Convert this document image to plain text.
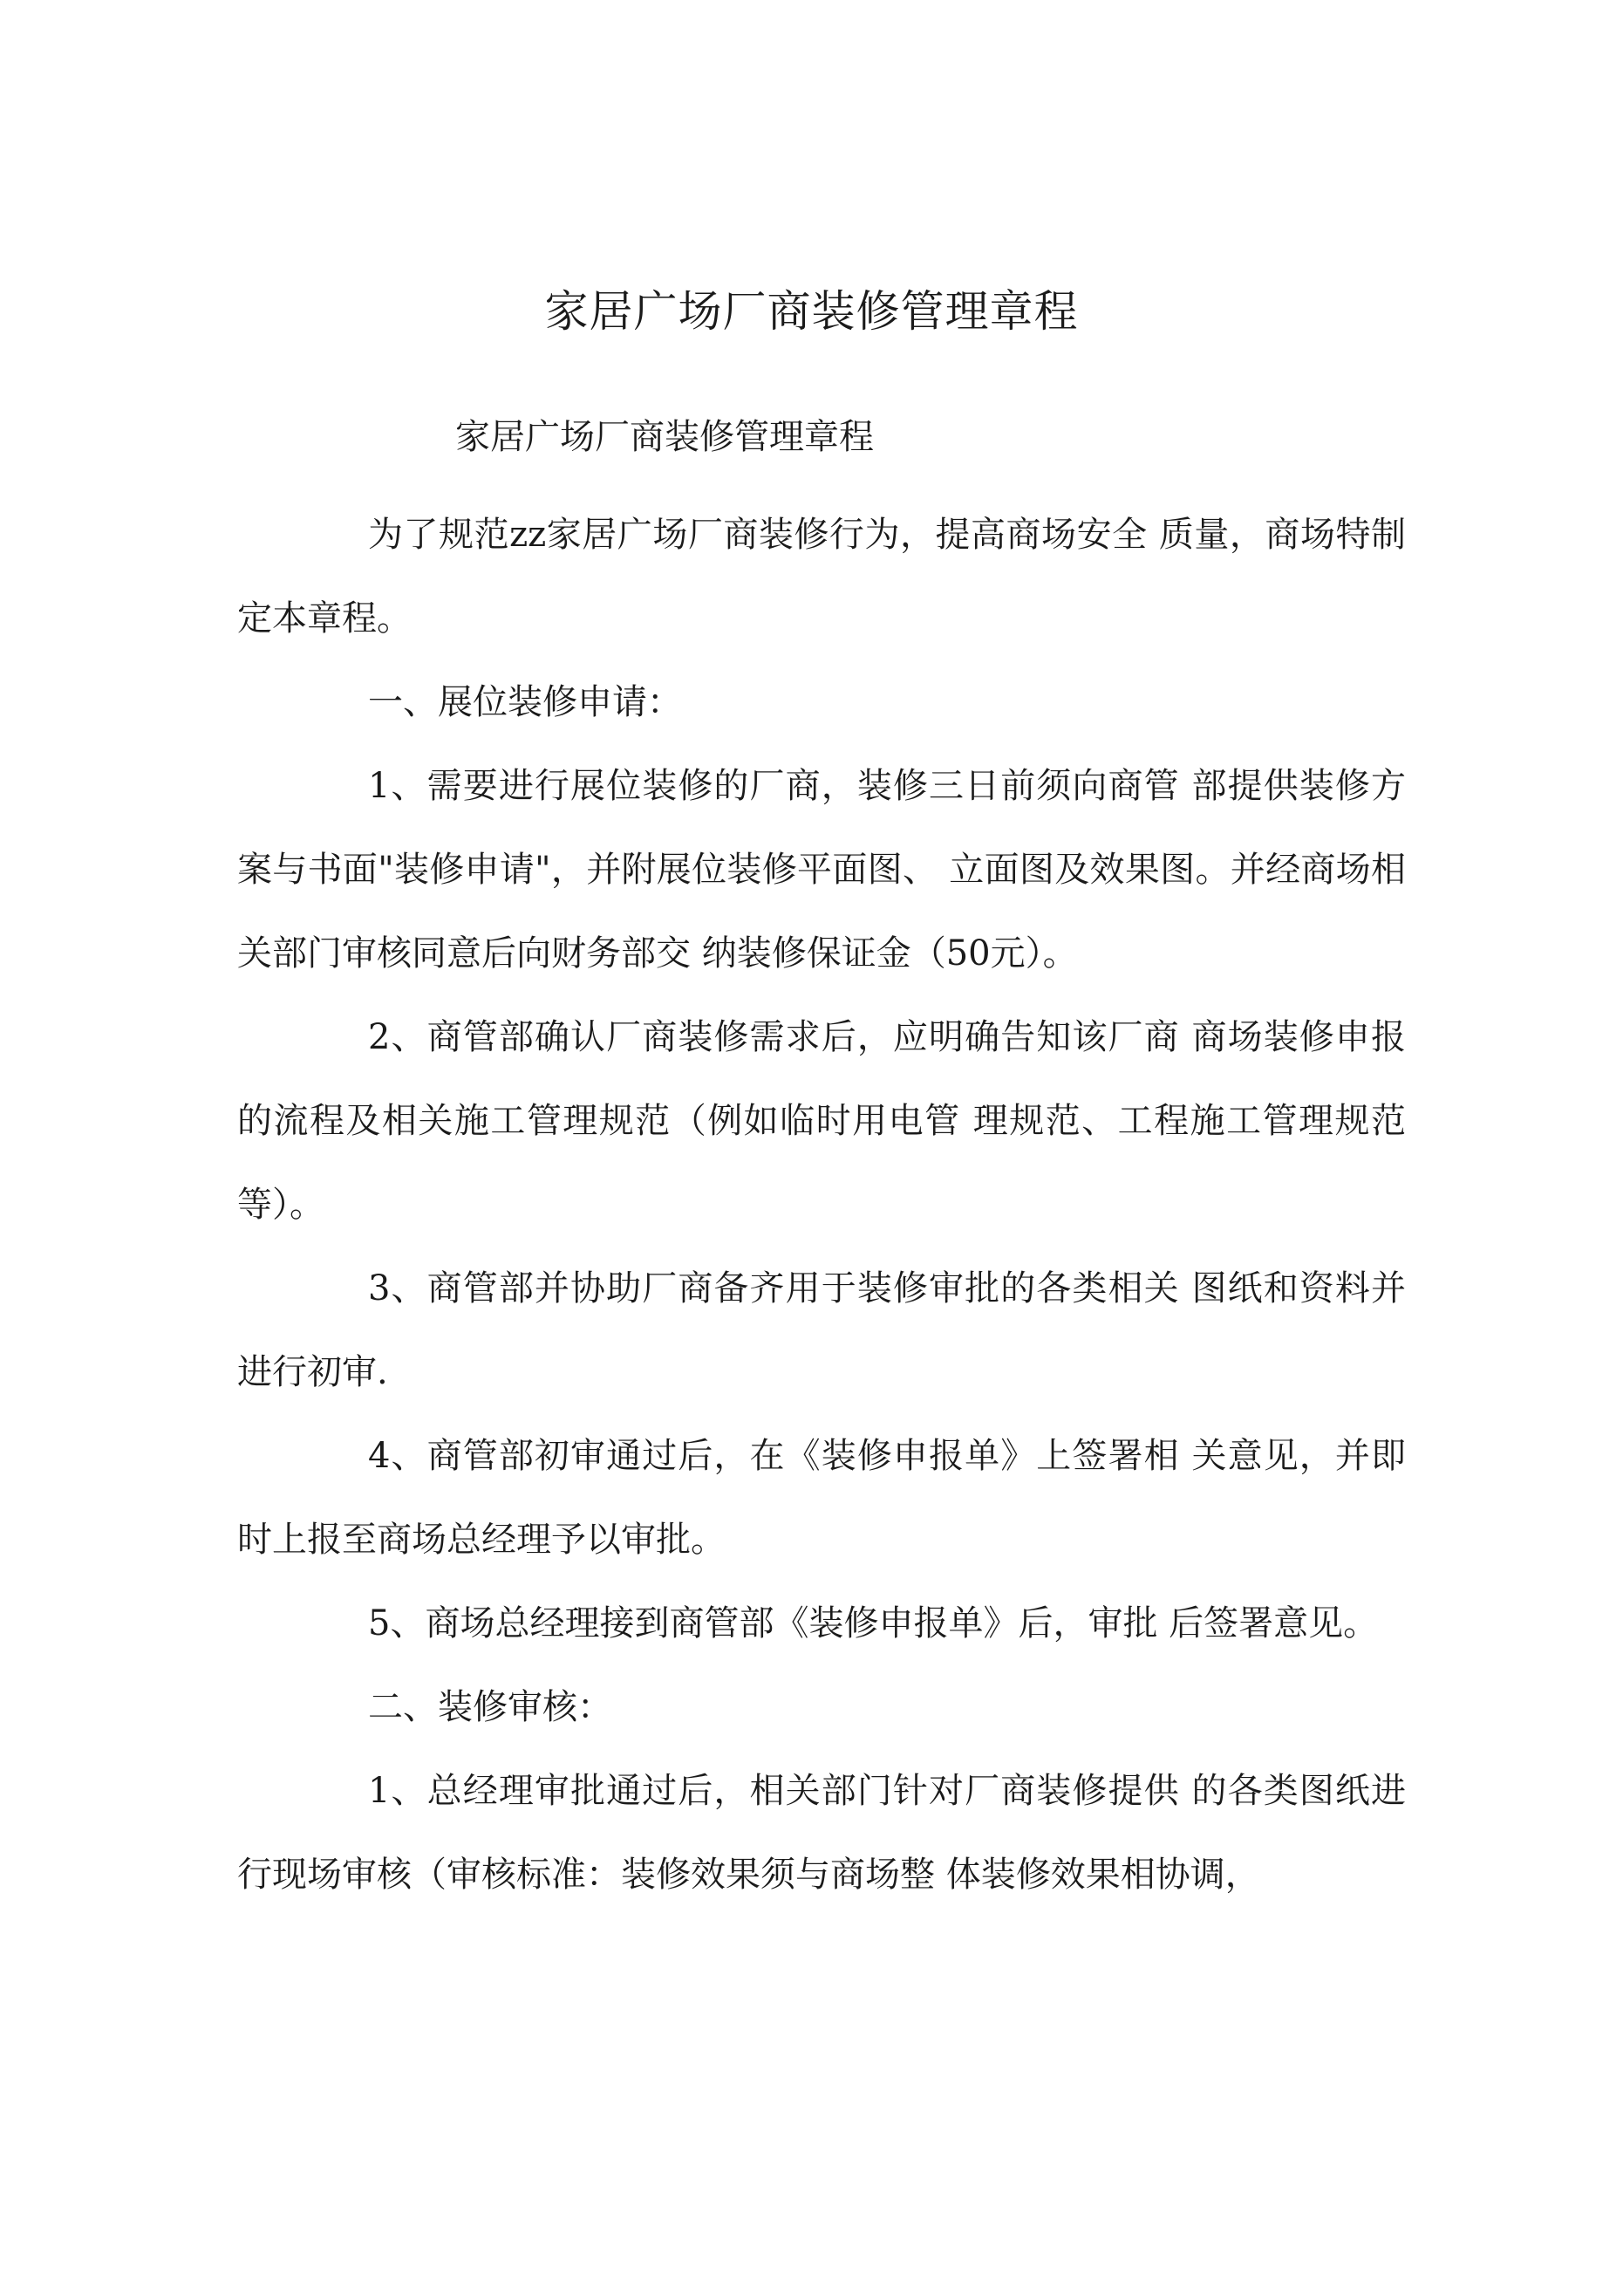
家居广场厂商装修管理章程

家居广场厂商装修管理章程

为了规范zz家居广场厂商装修行为，提高商场安全 质量，商场特制定本章程。

一、展位装修申请：

1、需要进行展位装修的厂商，装修三日前须向商管 部提供装修方案与书面"装修申请"，并附展位装修平面图、 立面图及效果图。并经商场相关部门审核同意后向财务部交 纳装修保证金（50元）。

2、商管部确认厂商装修需求后，应明确告知该厂商 商场装修申报的流程及相关施工管理规范（例如临时用电管 理规范、工程施工管理规范等）。

3、商管部并协助厂商备齐用于装修审批的各类相关 图纸和资料并进行初审.

4、商管部初审通过后，在《装修申报单》上签署相 关意见，并即时上报至商场总经理予以审批。

5、商场总经理接到商管部《装修申报单》后，审批 后签署意见。

二、装修审核：

1、总经理审批通过后，相关部门针对厂商装修提供 的各类图纸进行现场审核（审核标准：装修效果须与商场整 体装修效果相协调，
